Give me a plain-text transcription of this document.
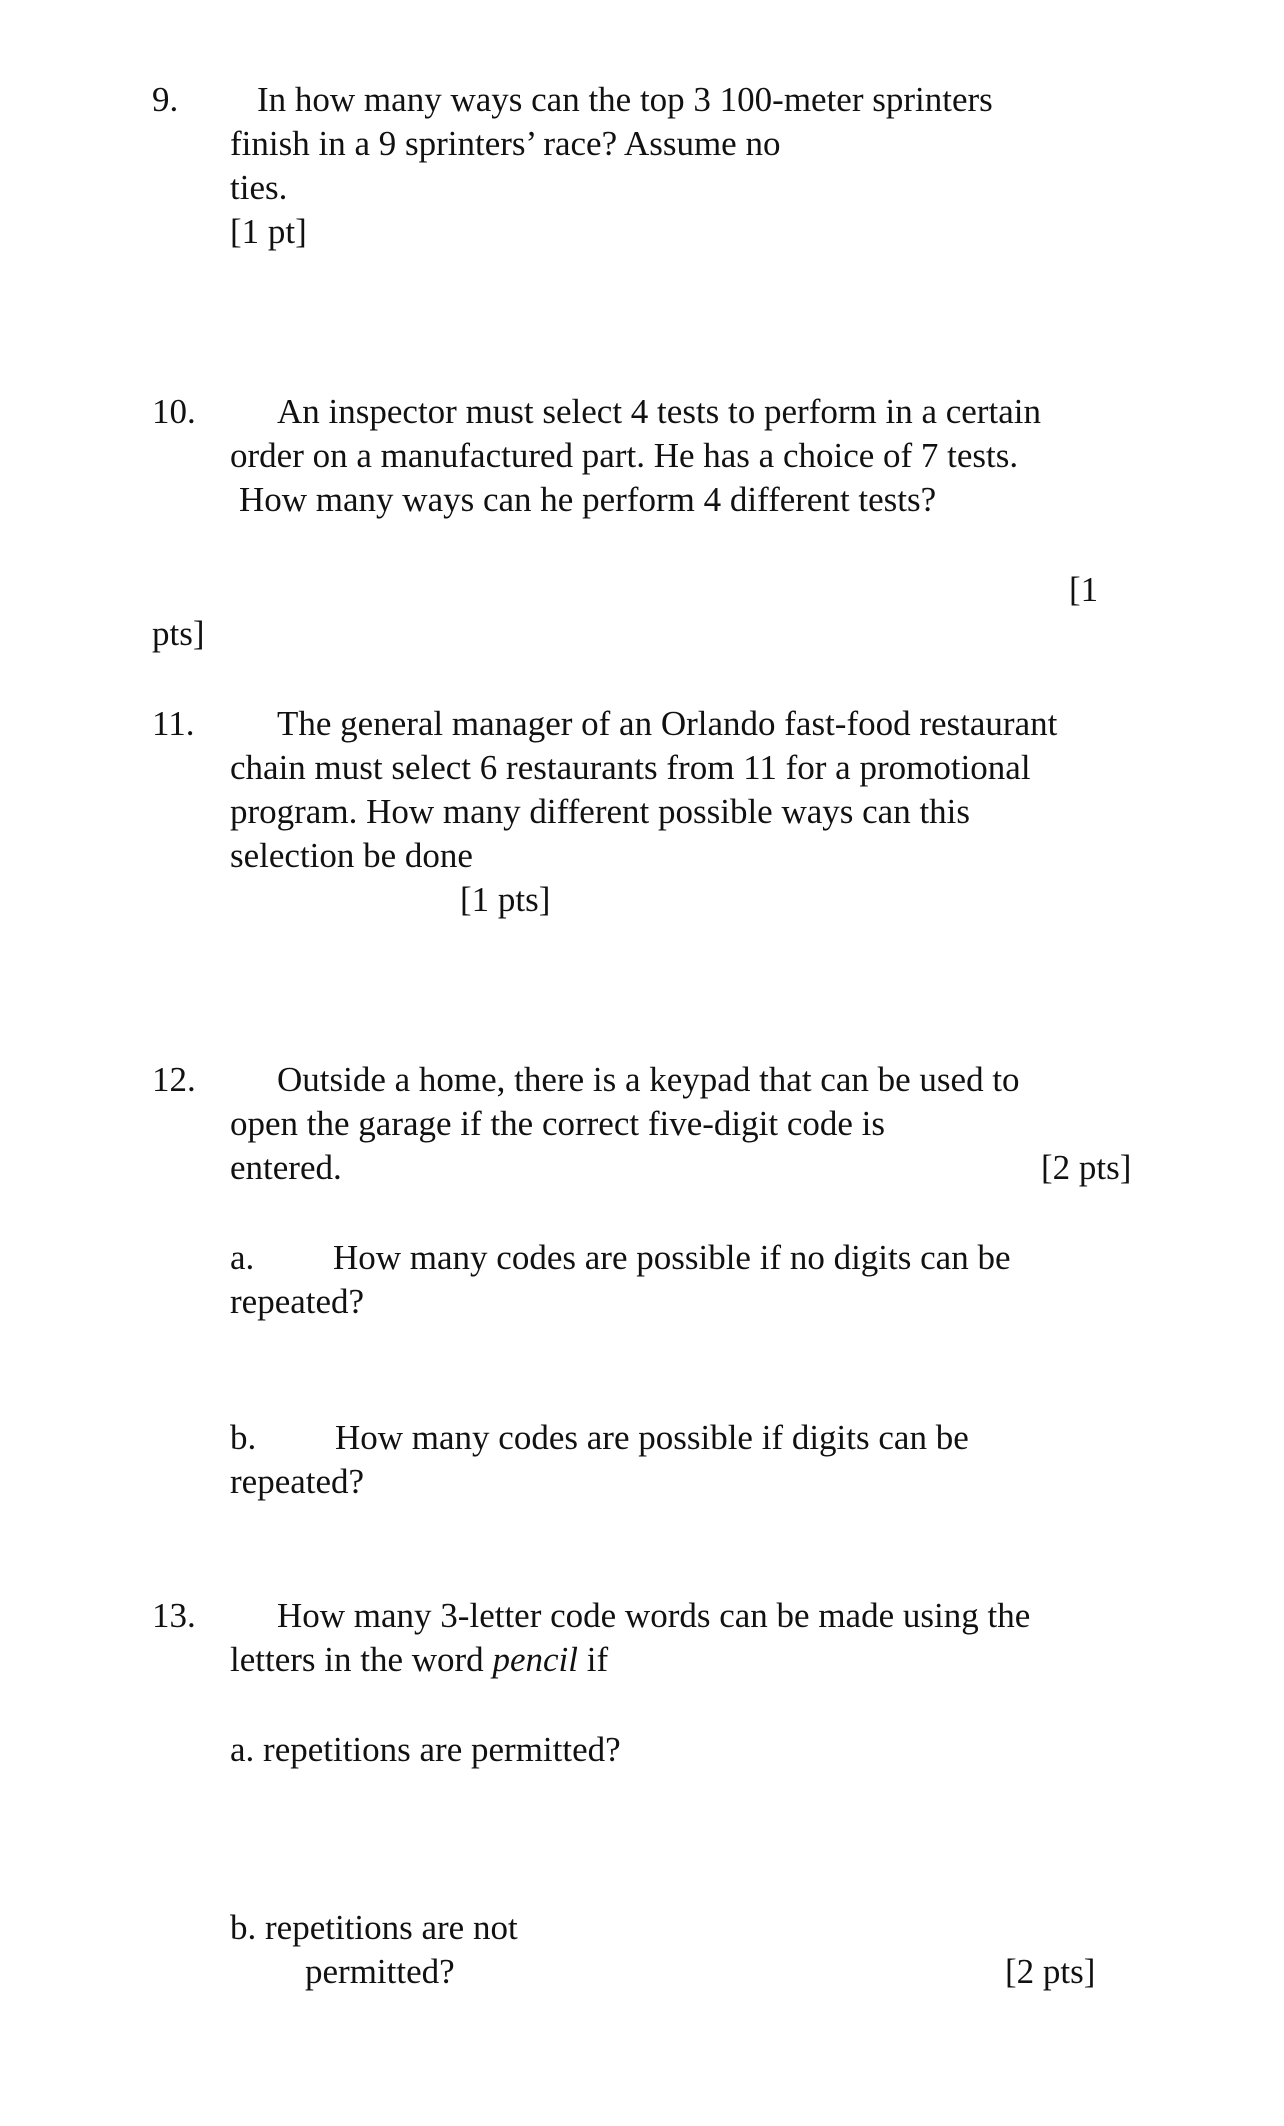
9. In how many ways can the top 3 100-meter sprinters
finish in a 9 sprinters’ race? Assume no
ties.
[1 pt]
10. An inspector must select 4 tests to perform in a certain
order on a manufactured part. He has a choice of 7 tests.
How many ways can he perform 4 different tests?
[1
pts]
11. The general manager of an Orlando fast-food restaurant
chain must select 6 restaurants from 11 for a promotional
program. How many different possible ways can this
selection be done
[1 pts]
12. Outside a home, there is a keypad that can be used to
open the garage if the correct five-digit code is
entered.	[2 pts]
a. How many codes are possible if no digits can be
repeated?
b. How many codes are possible if digits can be
repeated?
13. How many 3-letter code words can be made using the
letters in the word pencil if
a. repetitions are permitted?
b. repetitions are not
permitted?	[2 pts]
